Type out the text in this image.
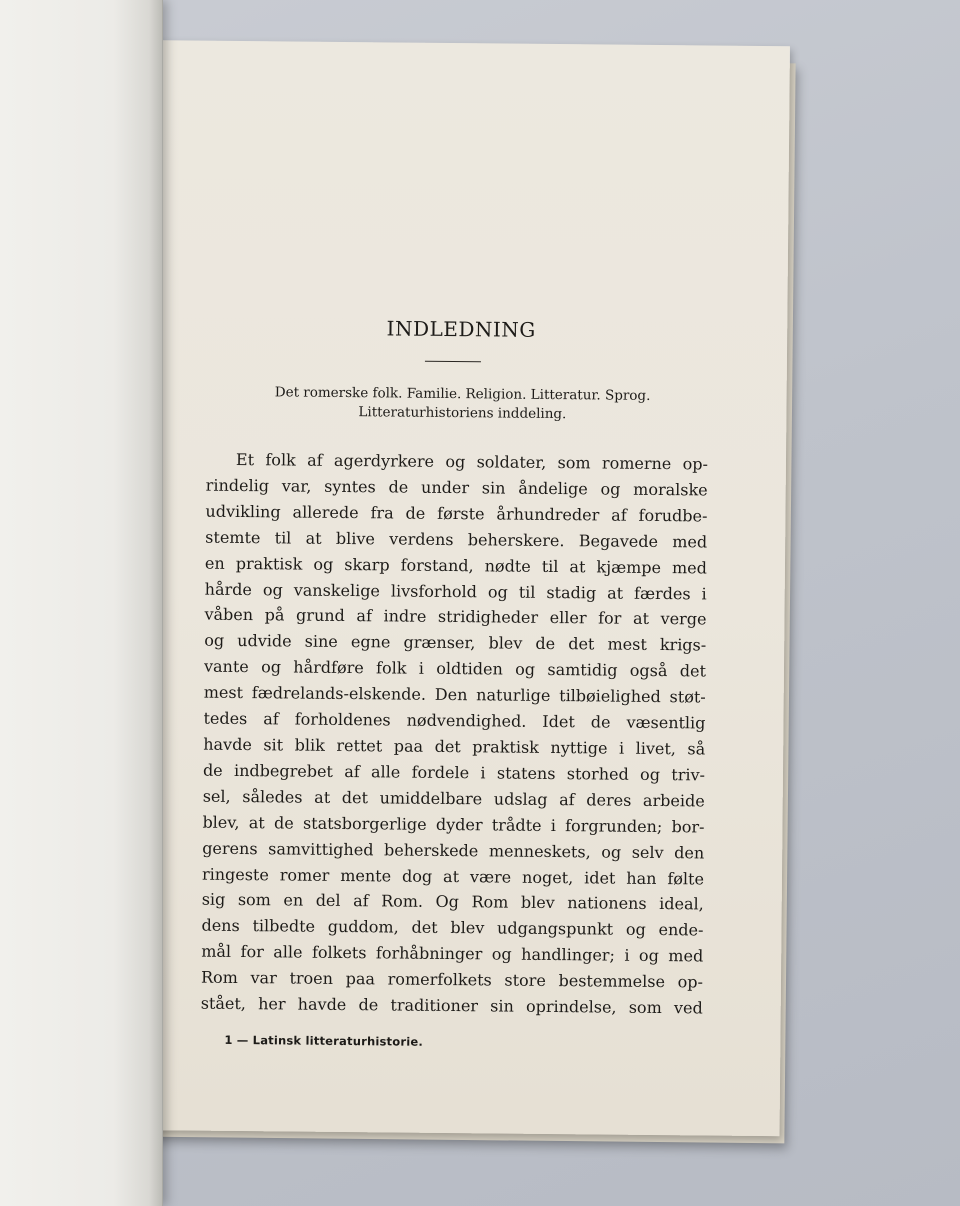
INDLEDNING
Det romerske folk. Familie. Religion. Litteratur. Sprog.
Litteraturhistoriens inddeling.
Et folk af agerdyrkere og soldater, som romerne op-
rindelig var, syntes de under sin åndelige og moralske
udvikling allerede fra de første århundreder af forudbe-
stemte til at blive verdens beherskere. Begavede med
en praktisk og skarp forstand, nødte til at kjæmpe med
hårde og vanskelige livsforhold og til stadig at færdes i
våben på grund af indre stridigheder eller for at verge
og udvide sine egne grænser, blev de det mest krigs-
vante og hårdføre folk i oldtiden og samtidig også det
mest fædrelands-elskende. Den naturlige tilbøielighed støt-
tedes af forholdenes nødvendighed. Idet de væsentlig
havde sit blik rettet paa det praktisk nyttige i livet, så
de indbegrebet af alle fordele i statens storhed og triv-
sel, således at det umiddelbare udslag af deres arbeide
blev, at de statsborgerlige dyder trådte i forgrunden; bor-
gerens samvittighed beherskede menneskets, og selv den
ringeste romer mente dog at være noget, idet han følte
sig som en del af Rom. Og Rom blev nationens ideal,
dens tilbedte guddom, det blev udgangspunkt og ende-
mål for alle folkets forhåbninger og handlinger; i og med
Rom var troen paa romerfolkets store bestemmelse op-
stået, her havde de traditioner sin oprindelse, som ved
1 — Latinsk litteraturhistorie.
